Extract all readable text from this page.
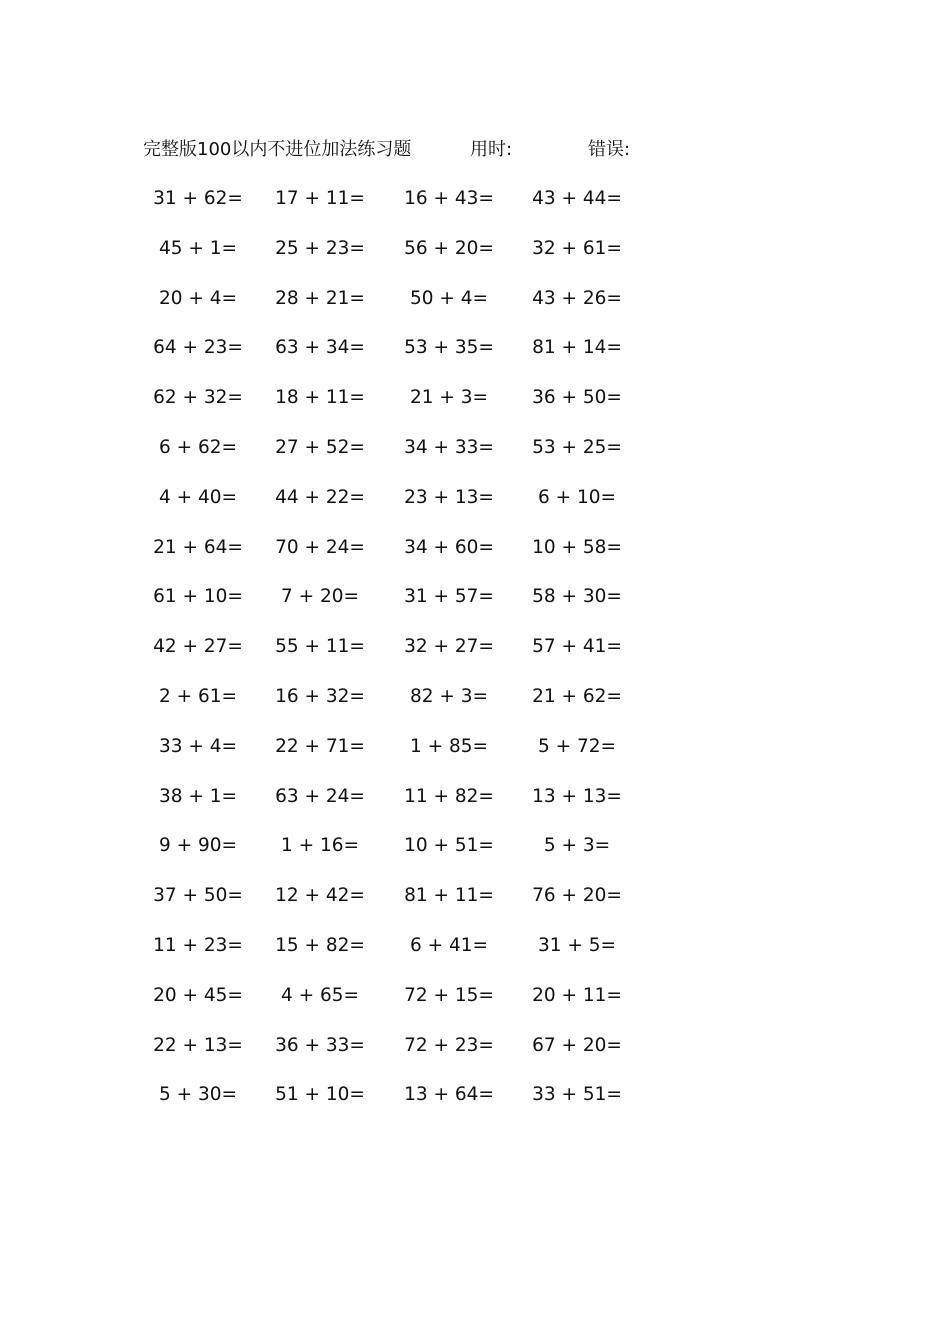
完整版100以内不进位加法练习题	用时:	错误:
31 + 62=	17 + 11=	16 + 43=	43 + 44=
45 + 1=	25 + 23=	56 + 20=	32 + 61=
20 + 4=	28 + 21=	50 + 4=	43 + 26=
64 + 23=	63 + 34=	53 + 35=	81 + 14=
62 + 32=	18 + 11=	21 + 3=	36 + 50=
6 + 62=	27 + 52=	34 + 33=	53 + 25=
4 + 40=	44 + 22=	23 + 13=	6 + 10=
21 + 64=	70 + 24=	34 + 60=	10 + 58=
61 + 10=	7 + 20=	31 + 57=	58 + 30=
42 + 27=	55 + 11=	32 + 27=	57 + 41=
2 + 61=	16 + 32=	82 + 3=	21 + 62=
33 + 4=	22 + 71=	1 + 85=	5 + 72=
38 + 1=	63 + 24=	11 + 82=	13 + 13=
9 + 90=	1 + 16=	10 + 51=	5 + 3=
37 + 50=	12 + 42=	81 + 11=	76 + 20=
11 + 23=	15 + 82=	6 + 41=	31 + 5=
20 + 45=	4 + 65=	72 + 15=	20 + 11=
22 + 13=	36 + 33=	72 + 23=	67 + 20=
5 + 30=	51 + 10=	13 + 64=	33 + 51=
